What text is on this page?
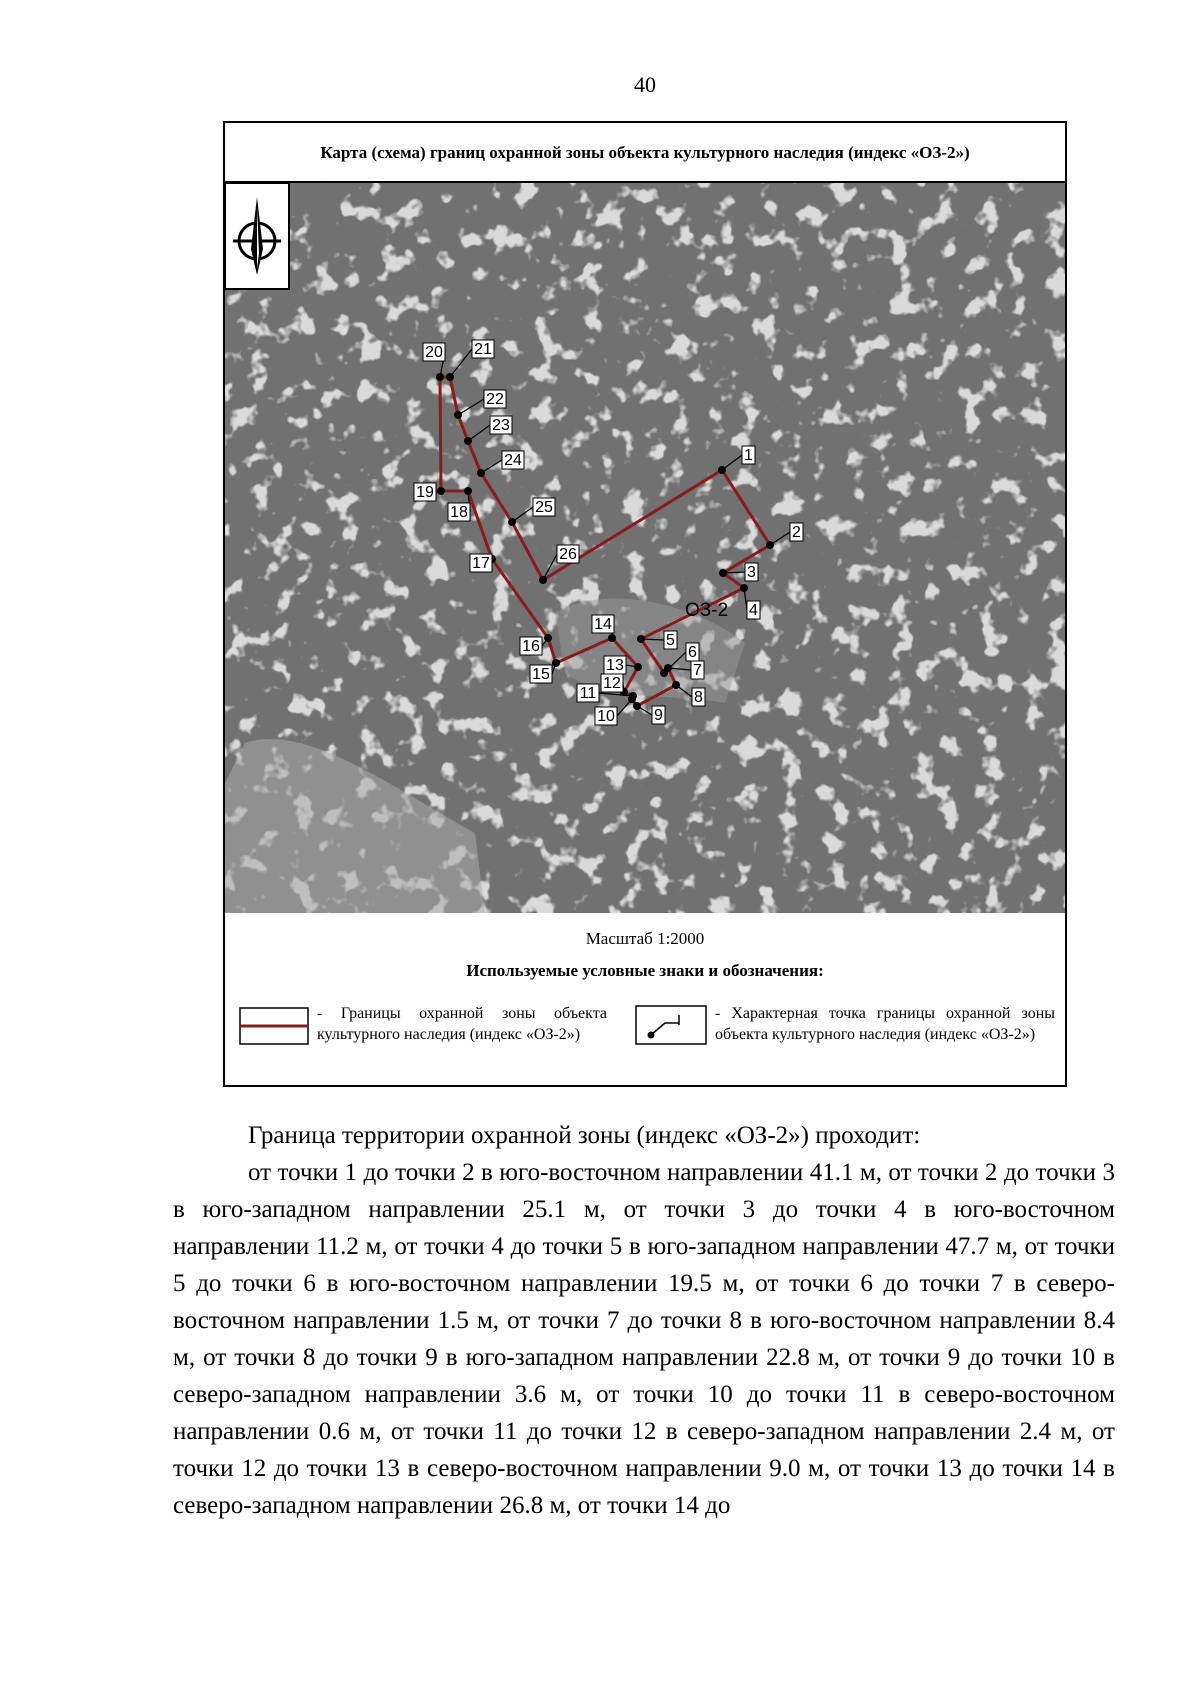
40
Карта (схема) границ охранной зоны объекта культурного наследия (индекс «ОЗ-2»)
1
2
3
4
5
6
7
8
9
10
11
12
13
14
15
16
17
18
19
20 21
22
23
24
25
26
ОЗ-2
Масштаб 1:2000
Используемые условные знаки и обозначения:
- Границы охранной зоны объекта культурного наследия (индекс «ОЗ-2»)
- Характерная точка границы охранной зоны объекта культурного наследия (индекс «ОЗ-2»)

Граница территории охранной зоны (индекс «ОЗ-2») проходит:

от точки 1 до точки 2 в юго-восточном направлении 41.1 м, от точки 2 до точки 3 в юго-западном направлении 25.1 м, от точки 3 до точки 4 в юго-восточном направлении 11.2 м, от точки 4 до точки 5 в юго-западном направлении 47.7 м, от точки 5 до точки 6 в юго-восточном направлении 19.5 м, от точки 6 до точки 7 в северо-восточном направлении 1.5 м, от точки 7 до точки 8 в юго-восточном направлении 8.4 м, от точки 8 до точки 9 в юго-западном направлении 22.8 м, от точки 9 до точки 10 в северо-западном направлении 3.6 м, от точки 10 до точки 11 в северо-восточном направлении 0.6 м, от точки 11 до точки 12 в северо-западном направлении 2.4 м, от точки 12 до точки 13 в северо-восточном направлении 9.0 м, от точки 13 до точки 14 в северо-западном направлении 26.8 м, от точки 14 до
